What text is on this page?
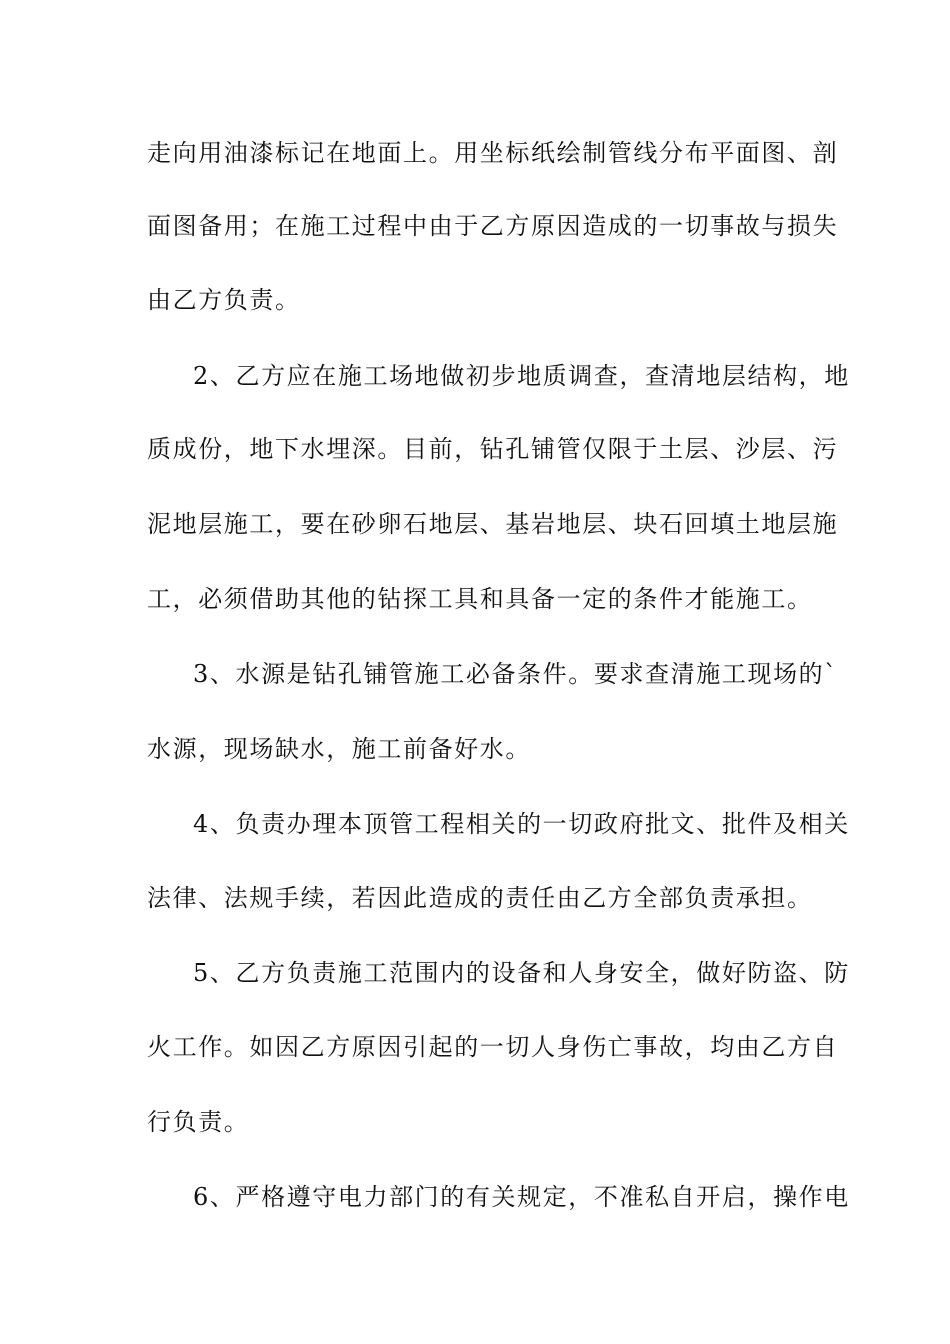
走向用油漆标记在地面上。用坐标纸绘制管线分布平面图、剖
面图备用；在施工过程中由于乙方原因造成的一切事故与损失
由乙方负责。
2、乙方应在施工场地做初步地质调查，查清地层结构，地
质成份，地下水埋深。目前，钻孔铺管仅限于土层、沙层、污
泥地层施工，要在砂卵石地层、基岩地层、块石回填土地层施
工，必须借助其他的钻探工具和具备一定的条件才能施工。
3、水源是钻孔铺管施工必备条件。要求查清施工现场的`
水源，现场缺水，施工前备好水。
4、负责办理本顶管工程相关的一切政府批文、批件及相关
法律、法规手续，若因此造成的责任由乙方全部负责承担。
5、乙方负责施工范围内的设备和人身安全，做好防盗、防
火工作。如因乙方原因引起的一切人身伤亡事故，均由乙方自
行负责。
6、严格遵守电力部门的有关规定，不准私自开启，操作电
